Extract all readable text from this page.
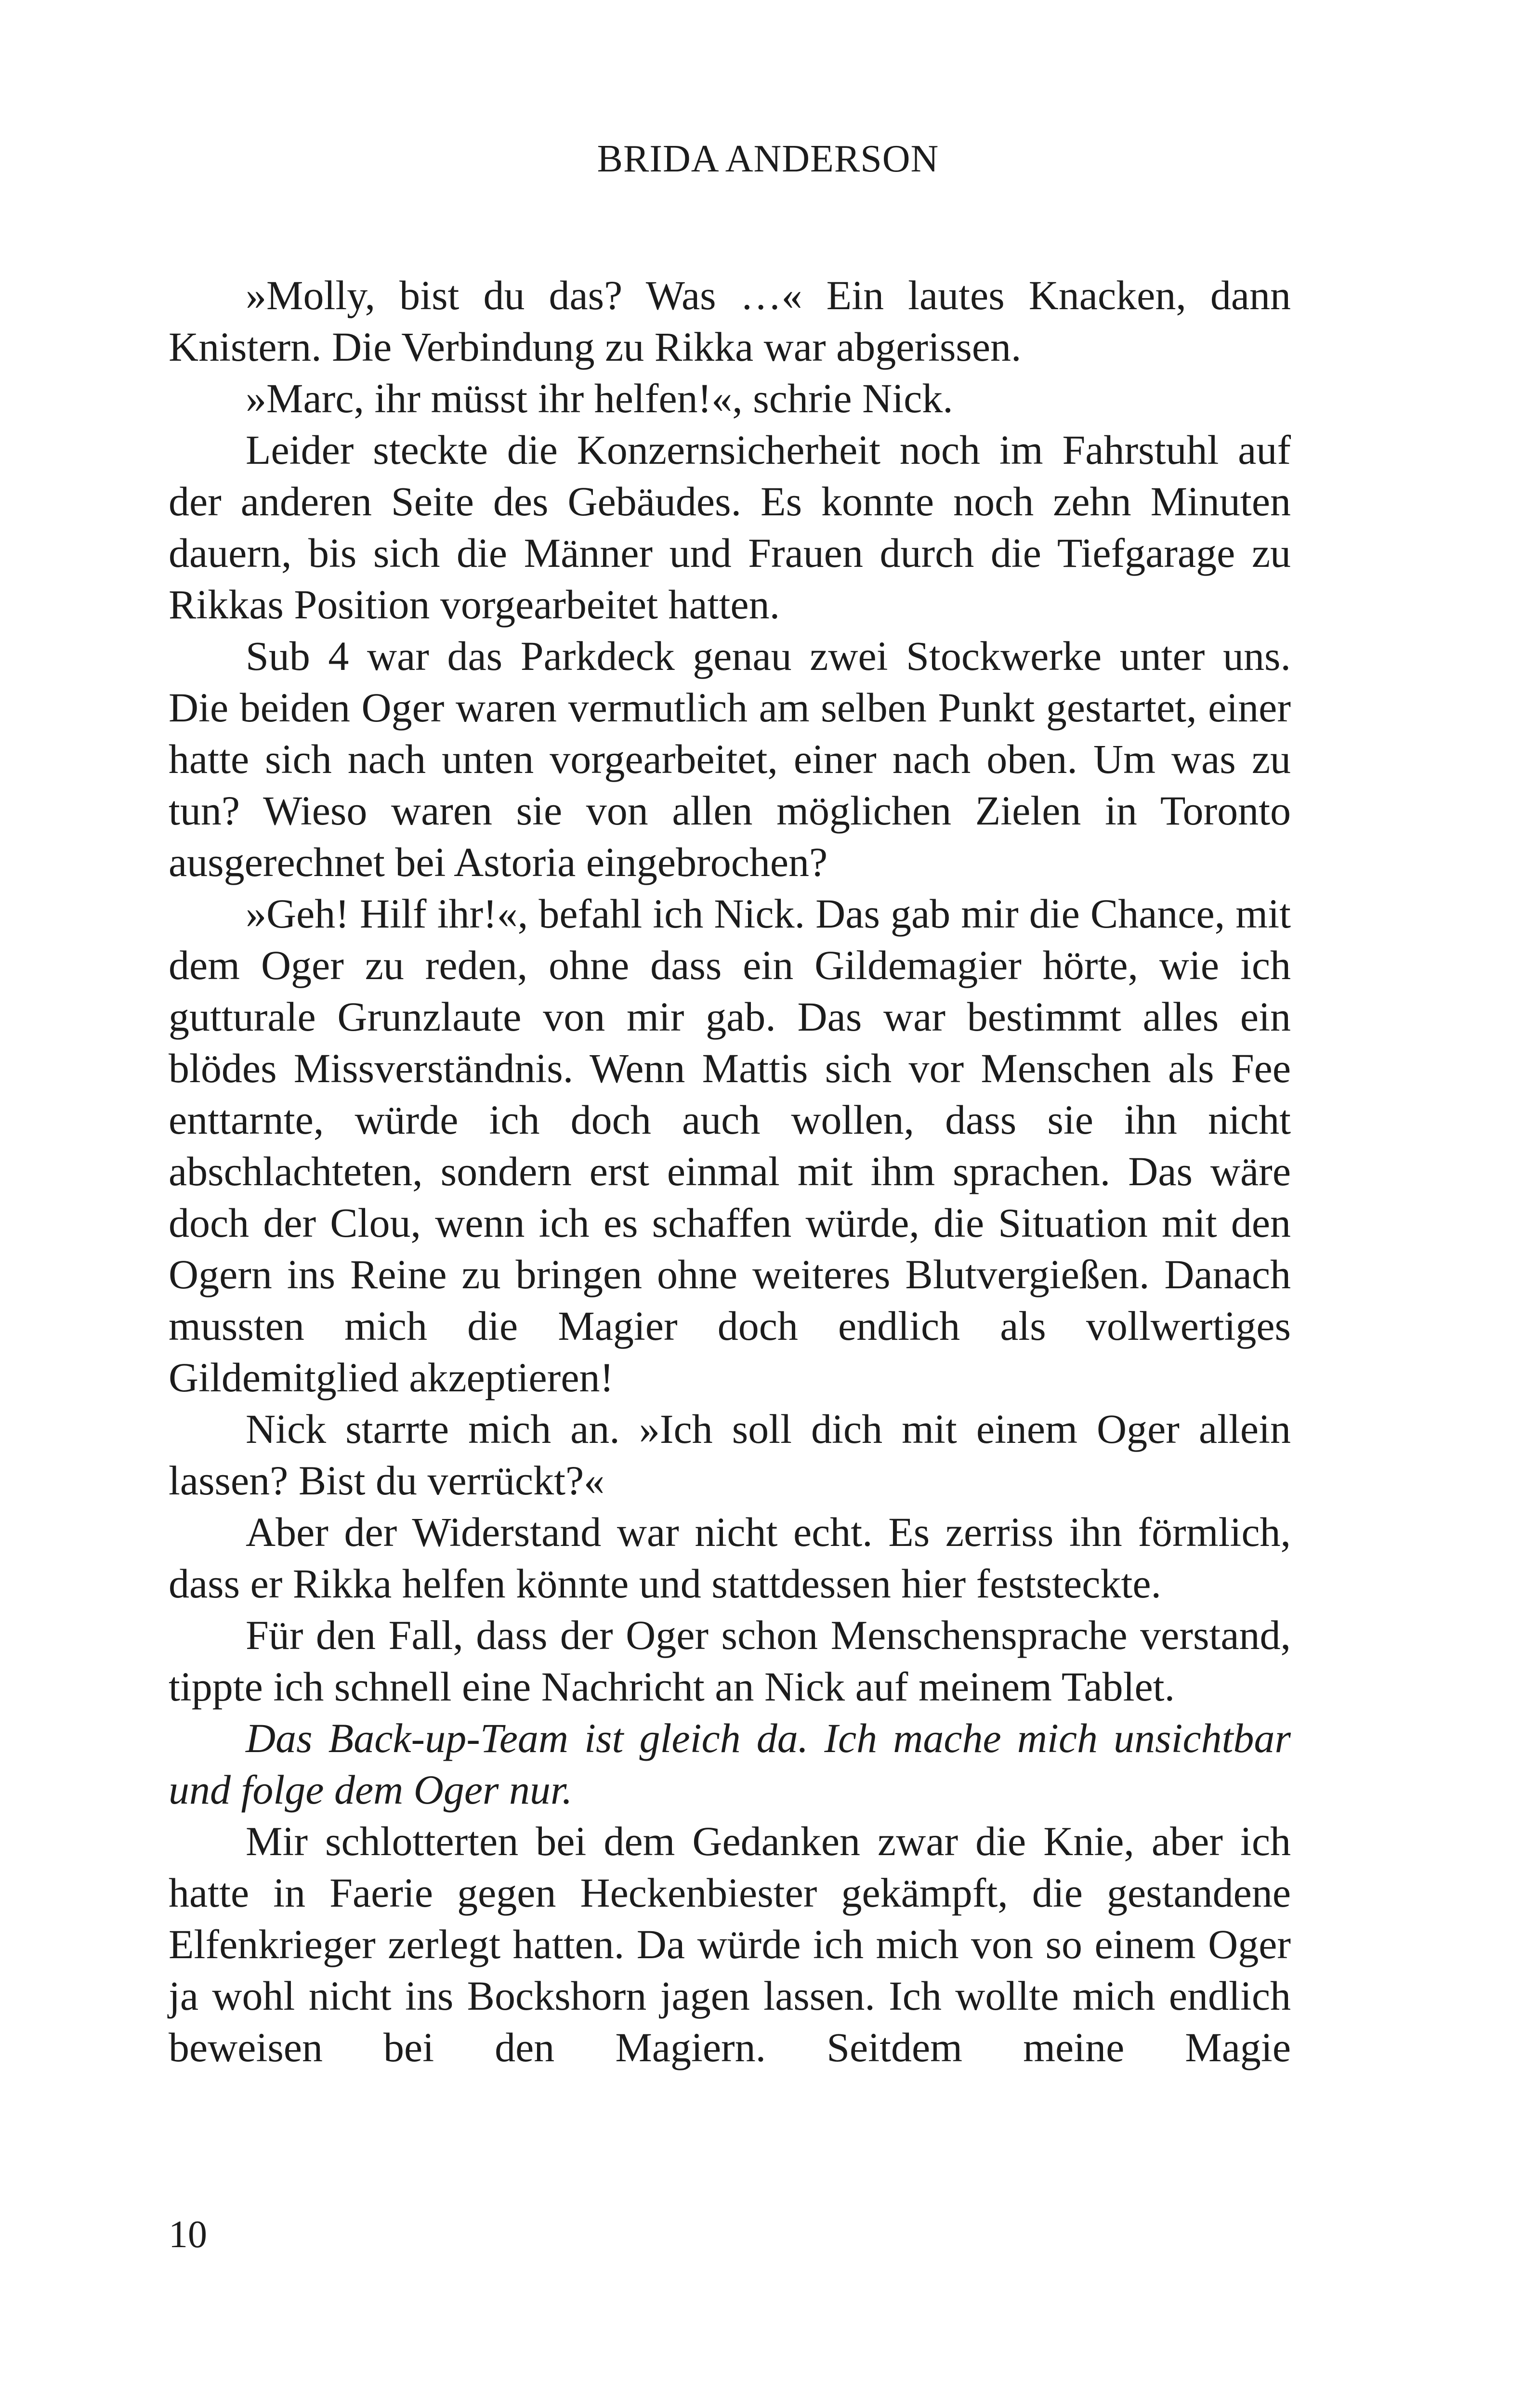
BRIDA ANDERSON

»Molly, bist du das? Was …« Ein lautes Knacken, dann Knistern. Die Verbindung zu Rikka war abgerissen.

»Marc, ihr müsst ihr helfen!«, schrie Nick.

Leider steckte die Konzernsicherheit noch im Fahrstuhl auf der anderen Seite des Gebäudes. Es konnte noch zehn Minuten dauern, bis sich die Männer und Frauen durch die Tiefgarage zu Rikkas Position vorgearbeitet hatten.

Sub 4 war das Parkdeck genau zwei Stockwerke unter uns. Die beiden Oger waren vermutlich am selben Punkt gestartet, einer hatte sich nach unten vorgearbeitet, einer nach oben. Um was zu tun? Wieso waren sie von allen möglichen Zielen in Toronto ausgerechnet bei Astoria eingebrochen?

»Geh! Hilf ihr!«, befahl ich Nick. Das gab mir die Chance, mit dem Oger zu reden, ohne dass ein Gildemagier hörte, wie ich gutturale Grunzlaute von mir gab. Das war bestimmt alles ein blödes Missverständnis. Wenn Mattis sich vor Menschen als Fee enttarnte, würde ich doch auch wollen, dass sie ihn nicht abschlachteten, sondern erst einmal mit ihm sprachen. Das wäre doch der Clou, wenn ich es schaffen würde, die Situation mit den Ogern ins Reine zu bringen ohne weiteres Blutvergießen. Danach mussten mich die Magier doch endlich als vollwertiges Gildemitglied akzeptieren!

Nick starrte mich an. »Ich soll dich mit einem Oger allein lassen? Bist du verrückt?«

Aber der Widerstand war nicht echt. Es zerriss ihn förmlich, dass er Rikka helfen könnte und stattdessen hier feststeckte.

Für den Fall, dass der Oger schon Menschensprache verstand, tippte ich schnell eine Nachricht an Nick auf meinem Tablet.

Das Back-up-Team ist gleich da. Ich mache mich unsichtbar und folge dem Oger nur.

Mir schlotterten bei dem Gedanken zwar die Knie, aber ich hatte in Faerie gegen Heckenbiester gekämpft, die gestandene Elfenkrieger zerlegt hatten. Da würde ich mich von so einem Oger ja wohl nicht ins Bockshorn jagen lassen. Ich wollte mich endlich beweisen bei den Magiern. Seitdem meine Magie

10
